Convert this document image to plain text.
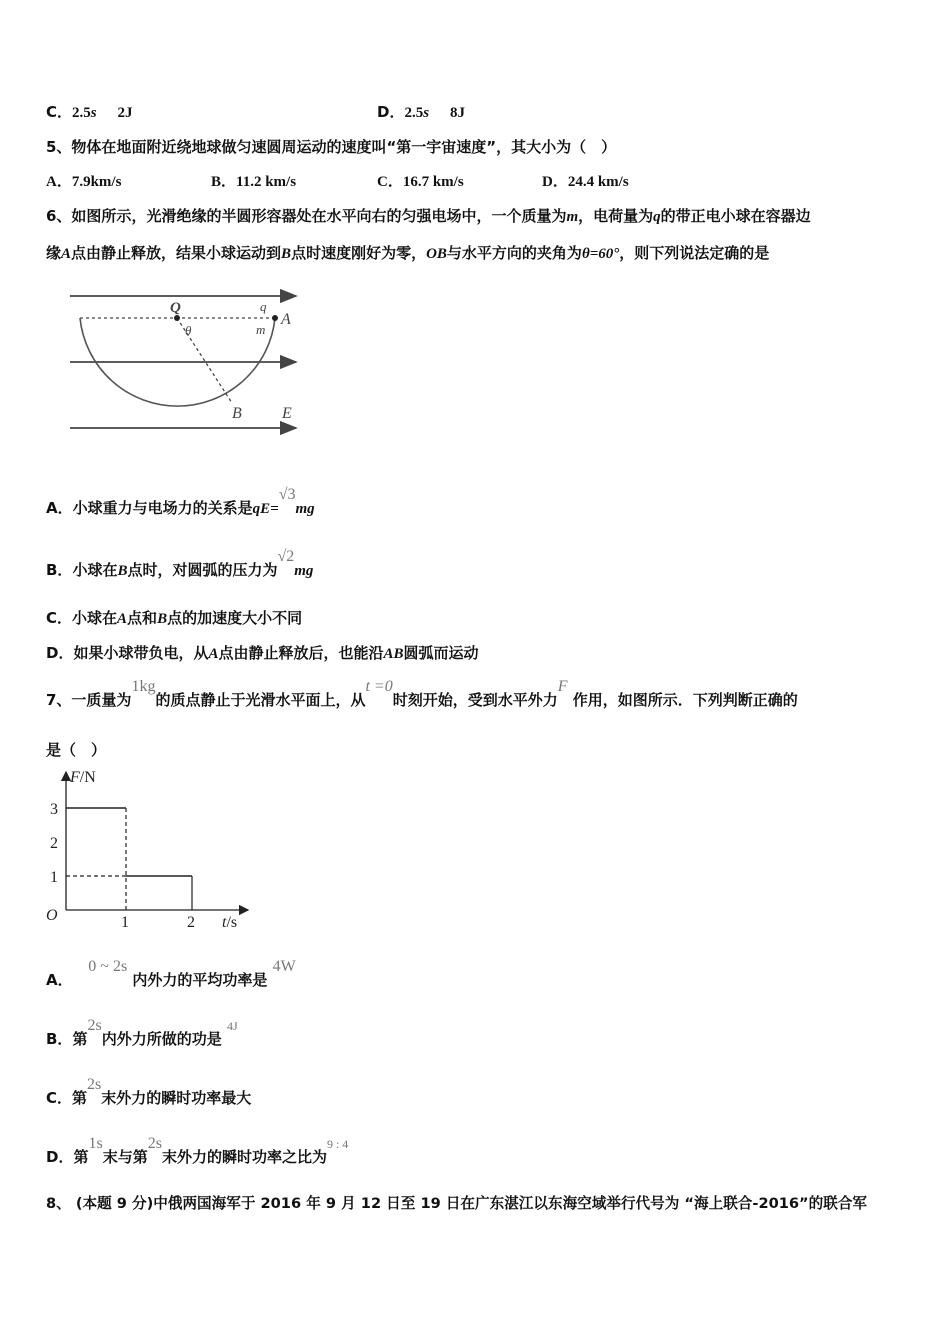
C．2.5s 2J	D．2.5s 8J
5、物体在地面附近绕地球做匀速圆周运动的速度叫“第一宇宙速度”，其大小为（　）
A．7.9km/s	B．11.2 km/s	C．16.7 km/s	D．24.4 km/s
6、如图所示，光滑绝缘的半圆形容器处在水平向右的匀强电场中，一个质量为m，电荷量为q的带正电小球在容器边
缘A点由静止释放，结果小球运动到B点时速度刚好为零，OB与水平方向的夹角为θ=60°，则下列说法定确的是
Q
θ
q
m
A
B	E
A．小球重力与电场力的关系是qE=√3mg
B．小球在B点时，对圆弧的压力为√2mg
C．小球在A点和B点的加速度大小不同
D．如果小球带负电，从A点由静止释放后，也能沿AB圆弧而运动
7、一质量为1kg的质点静止于光滑水平面上，从t =0时刻开始，受到水平外力F 作用，如图所示．下列判断正确的
是（　）
F/N
3
2
1
O	1	2 t/s
A．   0 ~ 2s 内外力的平均功率是 4W
B．第2s内外力所做的功是 $^{4J}$
C．第2s末外力的瞬时功率最大
D．第1s末与第2s末外力的瞬时功率之比为$^{9 : 4}$
8、 (本题 9 分)中俄两国海军于 2016 年 9 月 12 日至 19 日在广东湛江以东海空域举行代号为 “海上联合-2016”的联合军
